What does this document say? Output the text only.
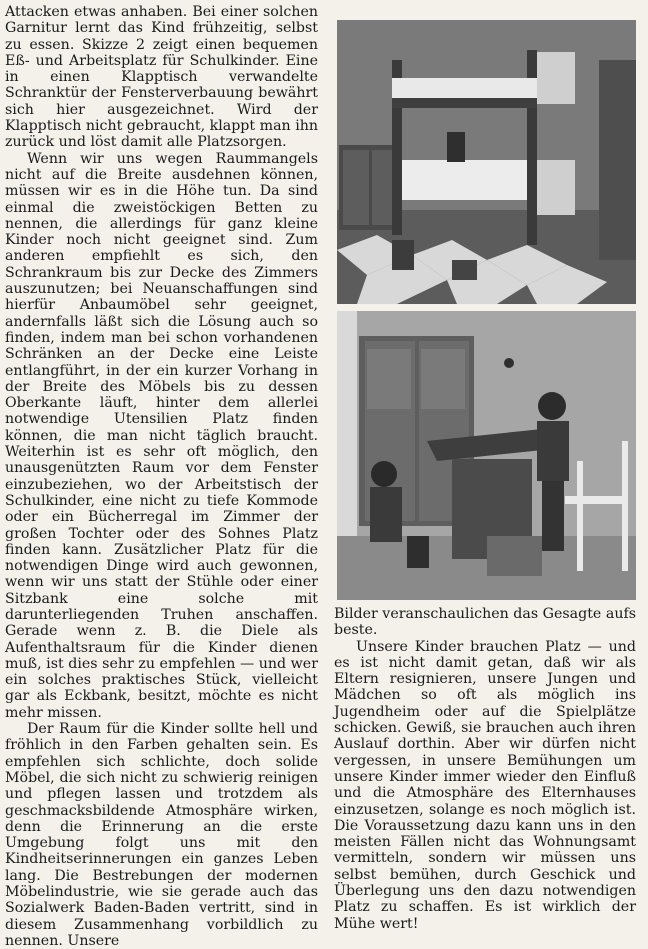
Attacken etwas anhaben. Bei einer solchen Garnitur lernt das Kind frühzeitig, selbst zu essen. Skizze 2 zeigt einen bequemen Eß- und Arbeitsplatz für Schulkinder. Eine in einen Klapptisch verwandelte Schranktür der Fensterverbauung bewährt sich hier ausgezeichnet. Wird der Klapptisch nicht gebraucht, klappt man ihn zurück und löst damit alle Platzsorgen.

Wenn wir uns wegen Raummangels nicht auf die Breite ausdehnen können, müssen wir es in die Höhe tun. Da sind einmal die zweistöckigen Betten zu nennen, die allerdings für ganz kleine Kinder noch nicht geeignet sind. Zum anderen empfiehlt es sich, den Schrankraum bis zur Decke des Zimmers auszunutzen; bei Neuanschaffungen sind hierfür Anbaumöbel sehr geeignet, andernfalls läßt sich die Lösung auch so finden, indem man bei schon vorhandenen Schränken an der Decke eine Leiste entlangführt, in der ein kurzer Vorhang in der Breite des Möbels bis zu dessen Oberkante läuft, hinter dem allerlei notwendige Utensilien Platz finden können, die man nicht täglich braucht. Weiterhin ist es sehr oft möglich, den unausgenützten Raum vor dem Fenster einzubeziehen, wo der Arbeitstisch der Schulkinder, eine nicht zu tiefe Kommode oder ein Bücherregal im Zimmer der großen Tochter oder des Sohnes Platz finden kann. Zusätzlicher Platz für die notwendigen Dinge wird auch gewonnen, wenn wir uns statt der Stühle oder einer Sitzbank eine solche mit darunterliegenden Truhen anschaffen. Gerade wenn z. B. die Diele als Aufenthaltsraum für die Kinder dienen muß, ist dies sehr zu empfehlen — und wer ein solches praktisches Stück, vielleicht gar als Eckbank, besitzt, möchte es nicht mehr missen.

Der Raum für die Kinder sollte hell und fröhlich in den Farben gehalten sein. Es empfehlen sich schlichte, doch solide Möbel, die sich nicht zu schwierig reinigen und pflegen lassen und trotzdem als geschmacksbildende Atmosphäre wirken, denn die Erinnerung an die erste Umgebung folgt uns mit den Kindheitserinnerungen ein ganzes Leben lang. Die Bestrebungen der modernen Möbelindustrie, wie sie gerade auch das Sozialwerk Baden-Baden vertritt, sind in diesem Zusammenhang vorbildlich zu nennen. Unsere

Bilder veranschaulichen das Gesagte aufs beste.

Unsere Kinder brauchen Platz — und es ist nicht damit getan, daß wir als Eltern resignieren, unsere Jungen und Mädchen so oft als möglich ins Jugendheim oder auf die Spielplätze schicken. Gewiß, sie brauchen auch ihren Auslauf dorthin. Aber wir dürfen nicht vergessen, in unsere Bemühungen um unsere Kinder immer wieder den Einfluß und die Atmosphäre des Elternhauses einzusetzen, solange es noch möglich ist. Die Voraussetzung dazu kann uns in den meisten Fällen nicht das Wohnungsamt vermitteln, sondern wir müssen uns selbst bemühen, durch Geschick und Überlegung uns den dazu notwendigen Platz zu schaffen. Es ist wirklich der Mühe wert!
